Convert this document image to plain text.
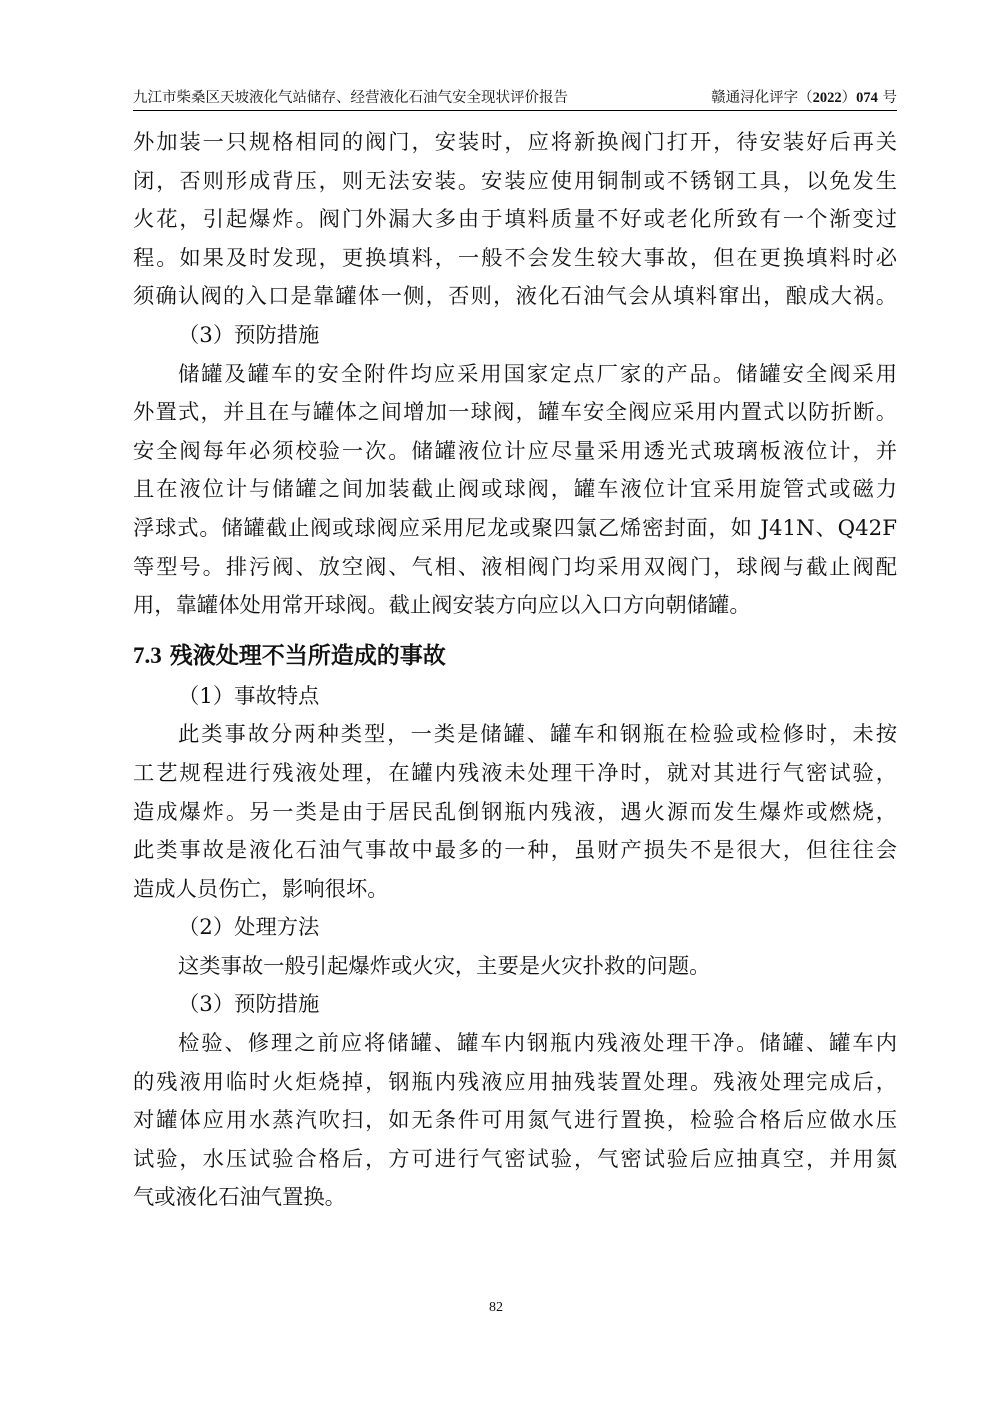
九江市柴桑区天坡液化气站储存、经营液化石油气安全现状评价报告	赣通浔化评字（2022）074 号
外加装一只规格相同的阀门，安装时，应将新换阀门打开，待安装好后再关
闭，否则形成背压，则无法安装。安装应使用铜制或不锈钢工具，以免发生
火花，引起爆炸。阀门外漏大多由于填料质量不好或老化所致有一个渐变过
程。如果及时发现，更换填料，一般不会发生较大事故，但在更换填料时必
须确认阀的入口是靠罐体一侧，否则，液化石油气会从填料窜出，酿成大祸。

（3）预防措施

储罐及罐车的安全附件均应采用国家定点厂家的产品。储罐安全阀采用
外置式，并且在与罐体之间增加一球阀，罐车安全阀应采用内置式以防折断。
安全阀每年必须校验一次。储罐液位计应尽量采用透光式玻璃板液位计，并
且在液位计与储罐之间加装截止阀或球阀，罐车液位计宜采用旋管式或磁力
浮球式。储罐截止阀或球阀应采用尼龙或聚四氯乙烯密封面，如 J41N、Q42F
等型号。排污阀、放空阀、气相、液相阀门均采用双阀门，球阀与截止阀配
用，靠罐体处用常开球阀。截止阀安装方向应以入口方向朝储罐。
7.3 残液处理不当所造成的事故

（1）事故特点

此类事故分两种类型，一类是储罐、罐车和钢瓶在检验或检修时，未按
工艺规程进行残液处理，在罐内残液未处理干净时，就对其进行气密试验，
造成爆炸。另一类是由于居民乱倒钢瓶内残液，遇火源而发生爆炸或燃烧，
此类事故是液化石油气事故中最多的一种，虽财产损失不是很大，但往往会
造成人员伤亡，影响很坏。

（2）处理方法

这类事故一般引起爆炸或火灾，主要是火灾扑救的问题。

（3）预防措施

检验、修理之前应将储罐、罐车内钢瓶内残液处理干净。储罐、罐车内
的残液用临时火炬烧掉，钢瓶内残液应用抽残装置处理。残液处理完成后，
对罐体应用水蒸汽吹扫，如无条件可用氮气进行置换，检验合格后应做水压
试验，水压试验合格后，方可进行气密试验，气密试验后应抽真空，并用氮
气或液化石油气置换。
82
